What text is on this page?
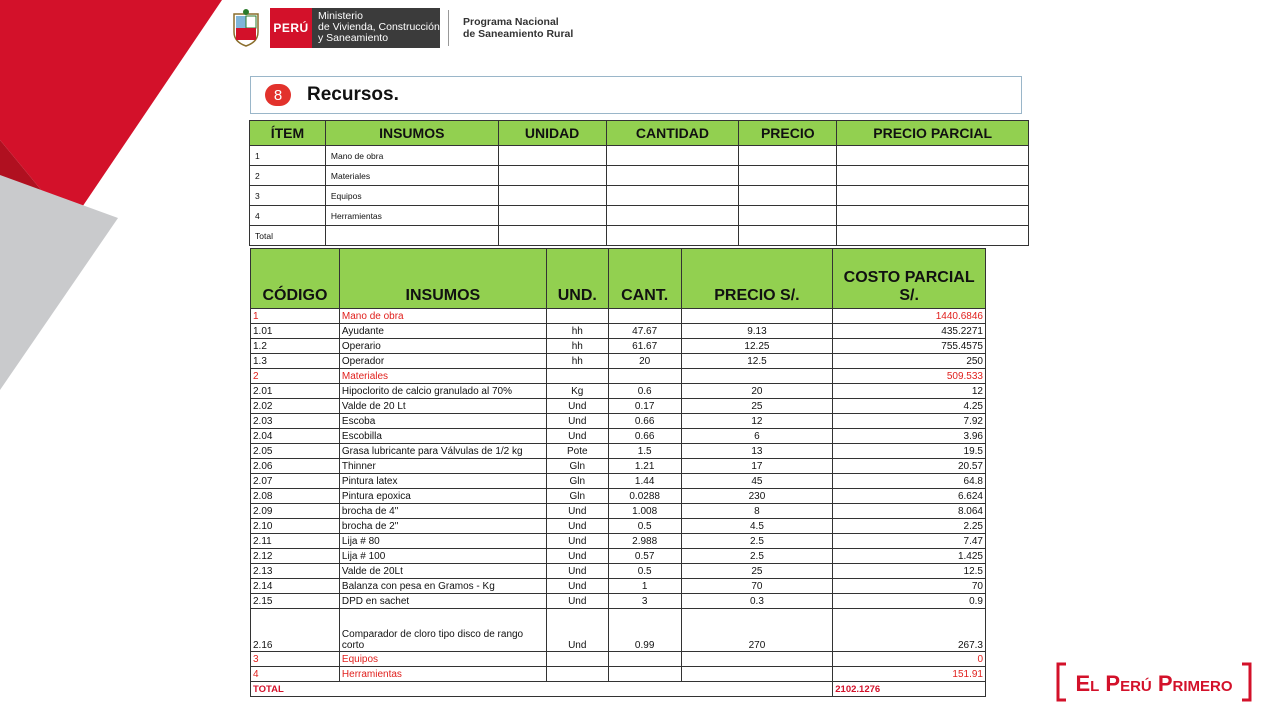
PERÚ
Ministerio
de Vivienda, Construcción
y Saneamiento
Programa Nacional
de Saneamiento Rural
8	Recursos.
ÍTEM	INSUMOS	UNIDAD	CANTIDAD	PRECIO	PRECIO PARCIAL
1	Mano de obra				
2	Materiales				
3	Equipos				
4	Herramientas				
Total					
CÓDIGO	INSUMOS	UND.	CANT.	PRECIO S/.	COSTO PARCIAL S/.
1	Mano de obra				1440.6846
1.01	Ayudante	hh	47.67	9.13	435.2271
1.2	Operario	hh	61.67	12.25	755.4575
1.3	Operador	hh	20	12.5	250
2	Materiales				509.533
2.01	Hipoclorito de calcio granulado al 70%	Kg	0.6	20	12
2.02	Valde de 20 Lt	Und	0.17	25	4.25
2.03	Escoba	Und	0.66	12	7.92
2.04	Escobilla	Und	0.66	6	3.96
2.05	Grasa lubricante para Válvulas de 1/2 kg	Pote	1.5	13	19.5
2.06	Thinner	Gln	1.21	17	20.57
2.07	Pintura latex	Gln	1.44	45	64.8
2.08	Pintura epoxica	Gln	0.0288	230	6.624
2.09	brocha de 4"	Und	1.008	8	8.064
2.10	brocha de 2"	Und	0.5	4.5	2.25
2.11	Lija # 80	Und	2.988	2.5	7.47
2.12	Lija # 100	Und	0.57	2.5	1.425
2.13	Valde de 20Lt	Und	0.5	25	12.5
2.14	Balanza con pesa en Gramos - Kg	Und	1	70	70
2.15	DPD en sachet	Und	3	0.3	0.9
2.16	Comparador de cloro tipo disco de rango corto	Und	0.99	270	267.3
3	Equipos				0
4	Herramientas				151.91
TOTAL					2102.1276	El Perú Primero
